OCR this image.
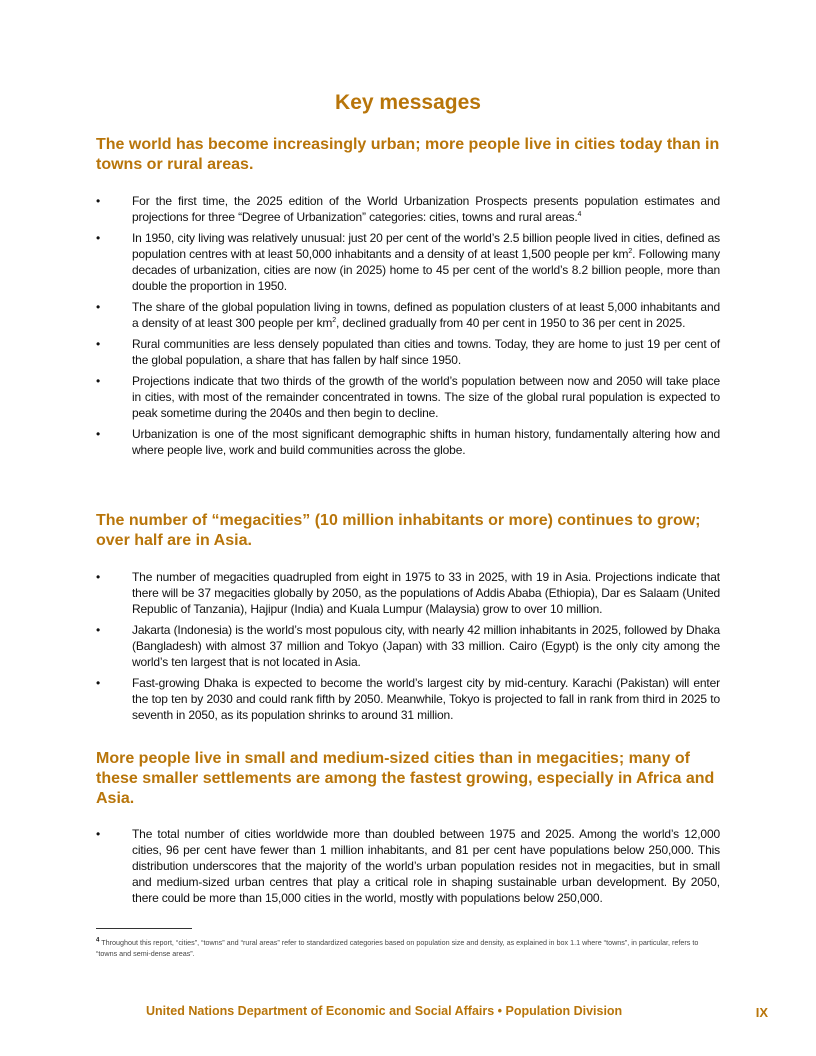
Key messages
The world has become increasingly urban; more people live in cities today than in towns or rural areas.
•	For the first time, the 2025 edition of the World Urbanization Prospects presents population estimates and projections for three “Degree of Urbanization” categories: cities, towns and rural areas.$^4$
•	In 1950, city living was relatively unusual: just 20 per cent of the world’s 2.5 billion people lived in cities, defined as population centres with at least 50,000 inhabitants and a density of at least 1,500 people per $km^2$. Following many decades of urbanization, cities are now (in 2025) home to 45 per cent of the world’s 8.2 billion people, more than double the proportion in 1950.
•	The share of the global population living in towns, defined as population clusters of at least 5,000 inhabitants and a density of at least 300 people per $km^2$, declined gradually from 40 per cent in 1950 to 36 per cent in 2025.
•	Rural communities are less densely populated than cities and towns. Today, they are home to just 19 per cent of the global population, a share that has fallen by half since 1950.
•	Projections indicate that two thirds of the growth of the world’s population between now and 2050 will take place in cities, with most of the remainder concentrated in towns. The size of the global rural population is expected to peak sometime during the 2040s and then begin to decline.
•	Urbanization is one of the most significant demographic shifts in human history, fundamentally altering how and where people live, work and build communities across the globe.
The number of “megacities” (10 million inhabitants or more) continues to grow; over half are in Asia.
•	The number of megacities quadrupled from eight in 1975 to 33 in 2025, with 19 in Asia. Projections indicate that there will be 37 megacities globally by 2050, as the populations of Addis Ababa (Ethiopia), Dar es Salaam (United Republic of Tanzania), Hajipur (India) and Kuala Lumpur (Malaysia) grow to over 10 million.
•	Jakarta (Indonesia) is the world’s most populous city, with nearly 42 million inhabitants in 2025, followed by Dhaka (Bangladesh) with almost 37 million and Tokyo (Japan) with 33 million. Cairo (Egypt) is the only city among the world’s ten largest that is not located in Asia.
•	Fast-growing Dhaka is expected to become the world’s largest city by mid-century. Karachi (Pakistan) will enter the top ten by 2030 and could rank fifth by 2050. Meanwhile, Tokyo is projected to fall in rank from third in 2025 to seventh in 2050, as its population shrinks to around 31 million.
More people live in small and medium-sized cities than in megacities; many of these smaller settlements are among the fastest growing, especially in Africa and Asia.
•	The total number of cities worldwide more than doubled between 1975 and 2025. Among the world’s 12,000 cities, 96 per cent have fewer than 1 million inhabitants, and 81 per cent have populations below 250,000. This distribution underscores that the majority of the world’s urban population resides not in megacities, but in small and medium-sized urban centres that play a critical role in shaping sustainable urban development. By 2050, there could be more than 15,000 cities in the world, mostly with populations below 250,000.
$^4$ Throughout this report, “cities”, “towns” and “rural areas” refer to standardized categories based on population size and density, as explained in box 1.1 where “towns”, in particular, refers to “towns and semi-dense areas”.
United Nations Department of Economic and Social Affairs • Population Division	IX
